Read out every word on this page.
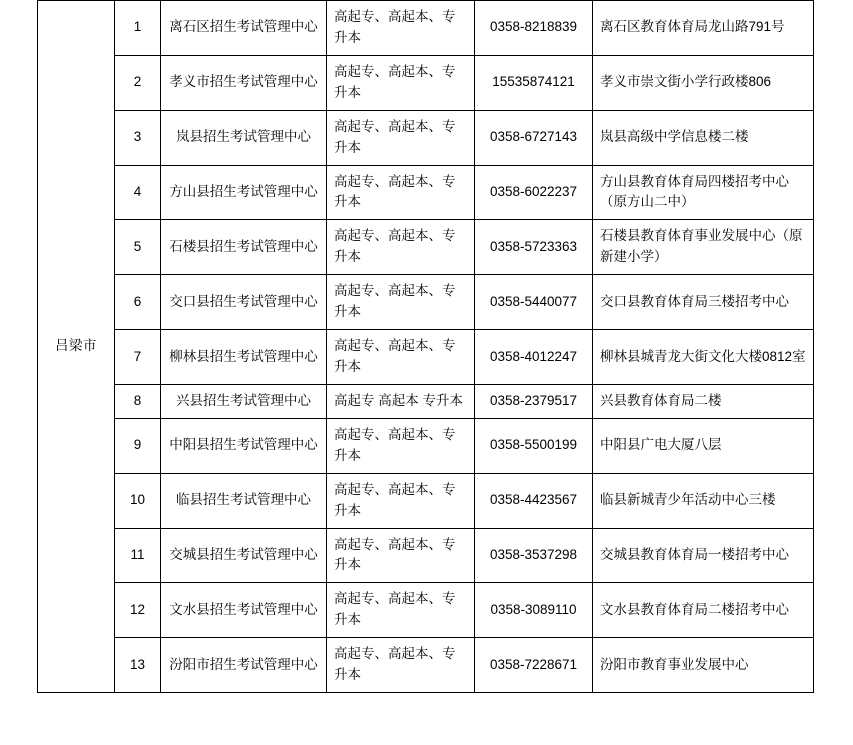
吕梁市	1	离石区招生考试管理中心	高起专、高起本、专升本	0358-8218839	离石区教育体育局龙山路791号
	2	孝义市招生考试管理中心	高起专、高起本、专升本	15535874121	孝义市崇文街小学行政楼806
	3	岚县招生考试管理中心	高起专、高起本、专升本	0358-6727143	岚县高级中学信息楼二楼
	4	方山县招生考试管理中心	高起专、高起本、专升本	0358-6022237	方山县教育体育局四楼招考中心 （原方山二中）
	5	石楼县招生考试管理中心	高起专、高起本、专升本	0358-5723363	石楼县教育体育事业发展中心（原新建小学）
	6	交口县招生考试管理中心	高起专、高起本、专升本	0358-5440077	交口县教育体育局三楼招考中心
	7	柳林县招生考试管理中心	高起专、高起本、专升本	0358-4012247	柳林县城青龙大街文化大楼0812室
	8	兴县招生考试管理中心	高起专 高起本 专升本	0358-2379517	兴县教育体育局二楼
	9	中阳县招生考试管理中心	高起专、高起本、专升本	0358-5500199	中阳县广电大厦八层
	10	临县招生考试管理中心	高起专、高起本、专升本	0358-4423567	临县新城青少年活动中心三楼
	11	交城县招生考试管理中心	高起专、高起本、专升本	0358-3537298	交城县教育体育局一楼招考中心
	12	文水县招生考试管理中心	高起专、高起本、专升本	0358-3089110	文水县教育体育局二楼招考中心
	13	汾阳市招生考试管理中心	高起专、高起本、专升本	0358-7228671	汾阳市教育事业发展中心
